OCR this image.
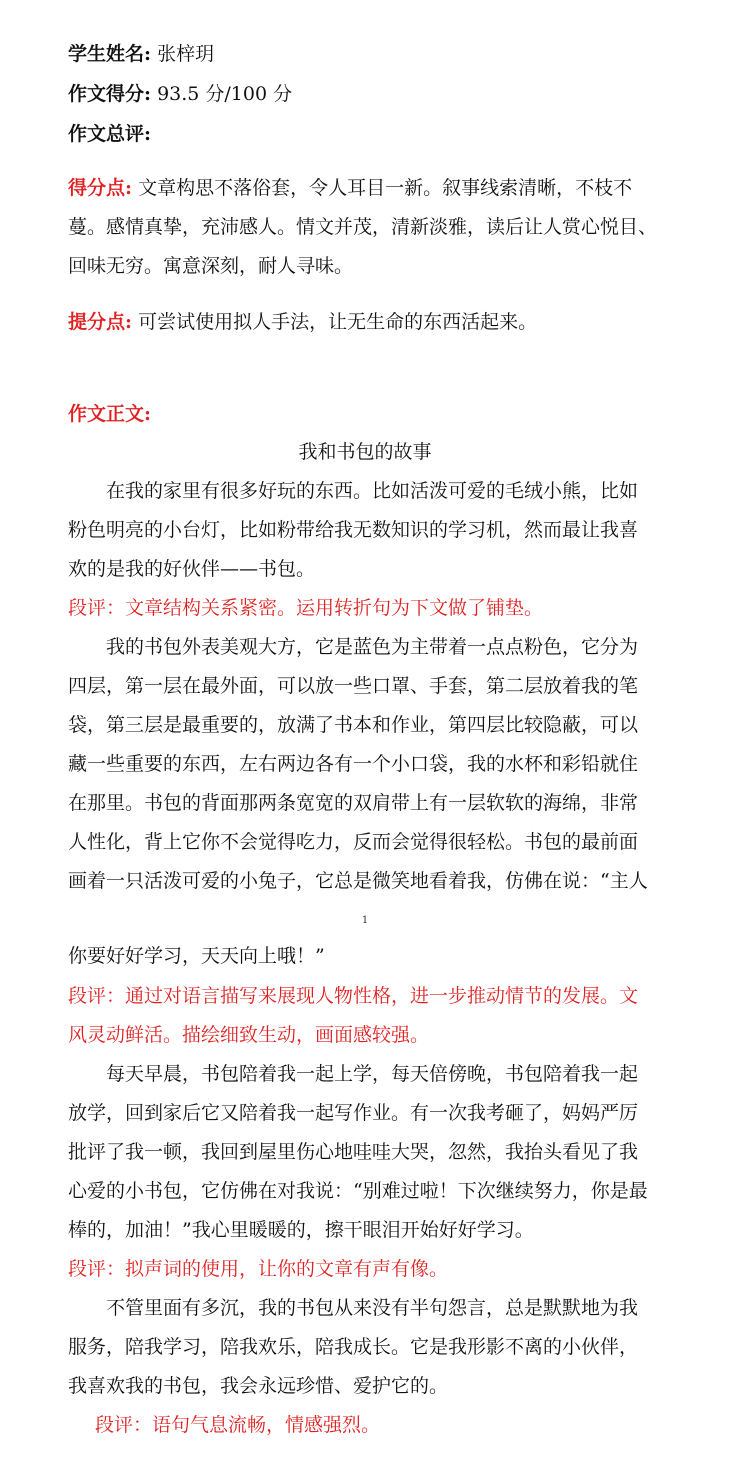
学生姓名: 张梓玥
作文得分: 93.5 分/100 分
作文总评:
得分点: 文章构思不落俗套，令人耳目一新。叙事线索清晰，不枝不
蔓。感情真挚，充沛感人。情文并茂，清新淡雅，读后让人赏心悦目、
回味无穷。寓意深刻，耐人寻味。
提分点: 可尝试使用拟人手法，让无生命的东西活起来。
作文正文:
我和书包的故事
在我的家里有很多好玩的东西。比如活泼可爱的毛绒小熊，比如
粉色明亮的小台灯，比如粉带给我无数知识的学习机，然而最让我喜
欢的是我的好伙伴——书包。
段评：文章结构关系紧密。运用转折句为下文做了铺垫。
我的书包外表美观大方，它是蓝色为主带着一点点粉色，它分为
四层，第一层在最外面，可以放一些口罩、手套，第二层放着我的笔
袋，第三层是最重要的，放满了书本和作业，第四层比较隐蔽，可以
藏一些重要的东西，左右两边各有一个小口袋，我的水杯和彩铅就住
在那里。书包的背面那两条宽宽的双肩带上有一层软软的海绵，非常
人性化，背上它你不会觉得吃力，反而会觉得很轻松。书包的最前面
画着一只活泼可爱的小兔子，它总是微笑地看着我，仿佛在说：“主人
1
你要好好学习，天天向上哦！”
段评：通过对语言描写来展现人物性格，进一步推动情节的发展。文
风灵动鲜活。描绘细致生动，画面感较强。
每天早晨，书包陪着我一起上学，每天倍傍晚，书包陪着我一起
放学，回到家后它又陪着我一起写作业。有一次我考砸了，妈妈严厉
批评了我一顿，我回到屋里伤心地哇哇大哭，忽然，我抬头看见了我
心爱的小书包，它仿佛在对我说：“别难过啦！下次继续努力，你是最
棒的，加油！”我心里暖暖的，擦干眼泪开始好好学习。
段评：拟声词的使用，让你的文章有声有像。
不管里面有多沉，我的书包从来没有半句怨言，总是默默地为我
服务，陪我学习，陪我欢乐，陪我成长。它是我形影不离的小伙伴，
我喜欢我的书包，我会永远珍惜、爱护它的。
段评：语句气息流畅，情感强烈。
